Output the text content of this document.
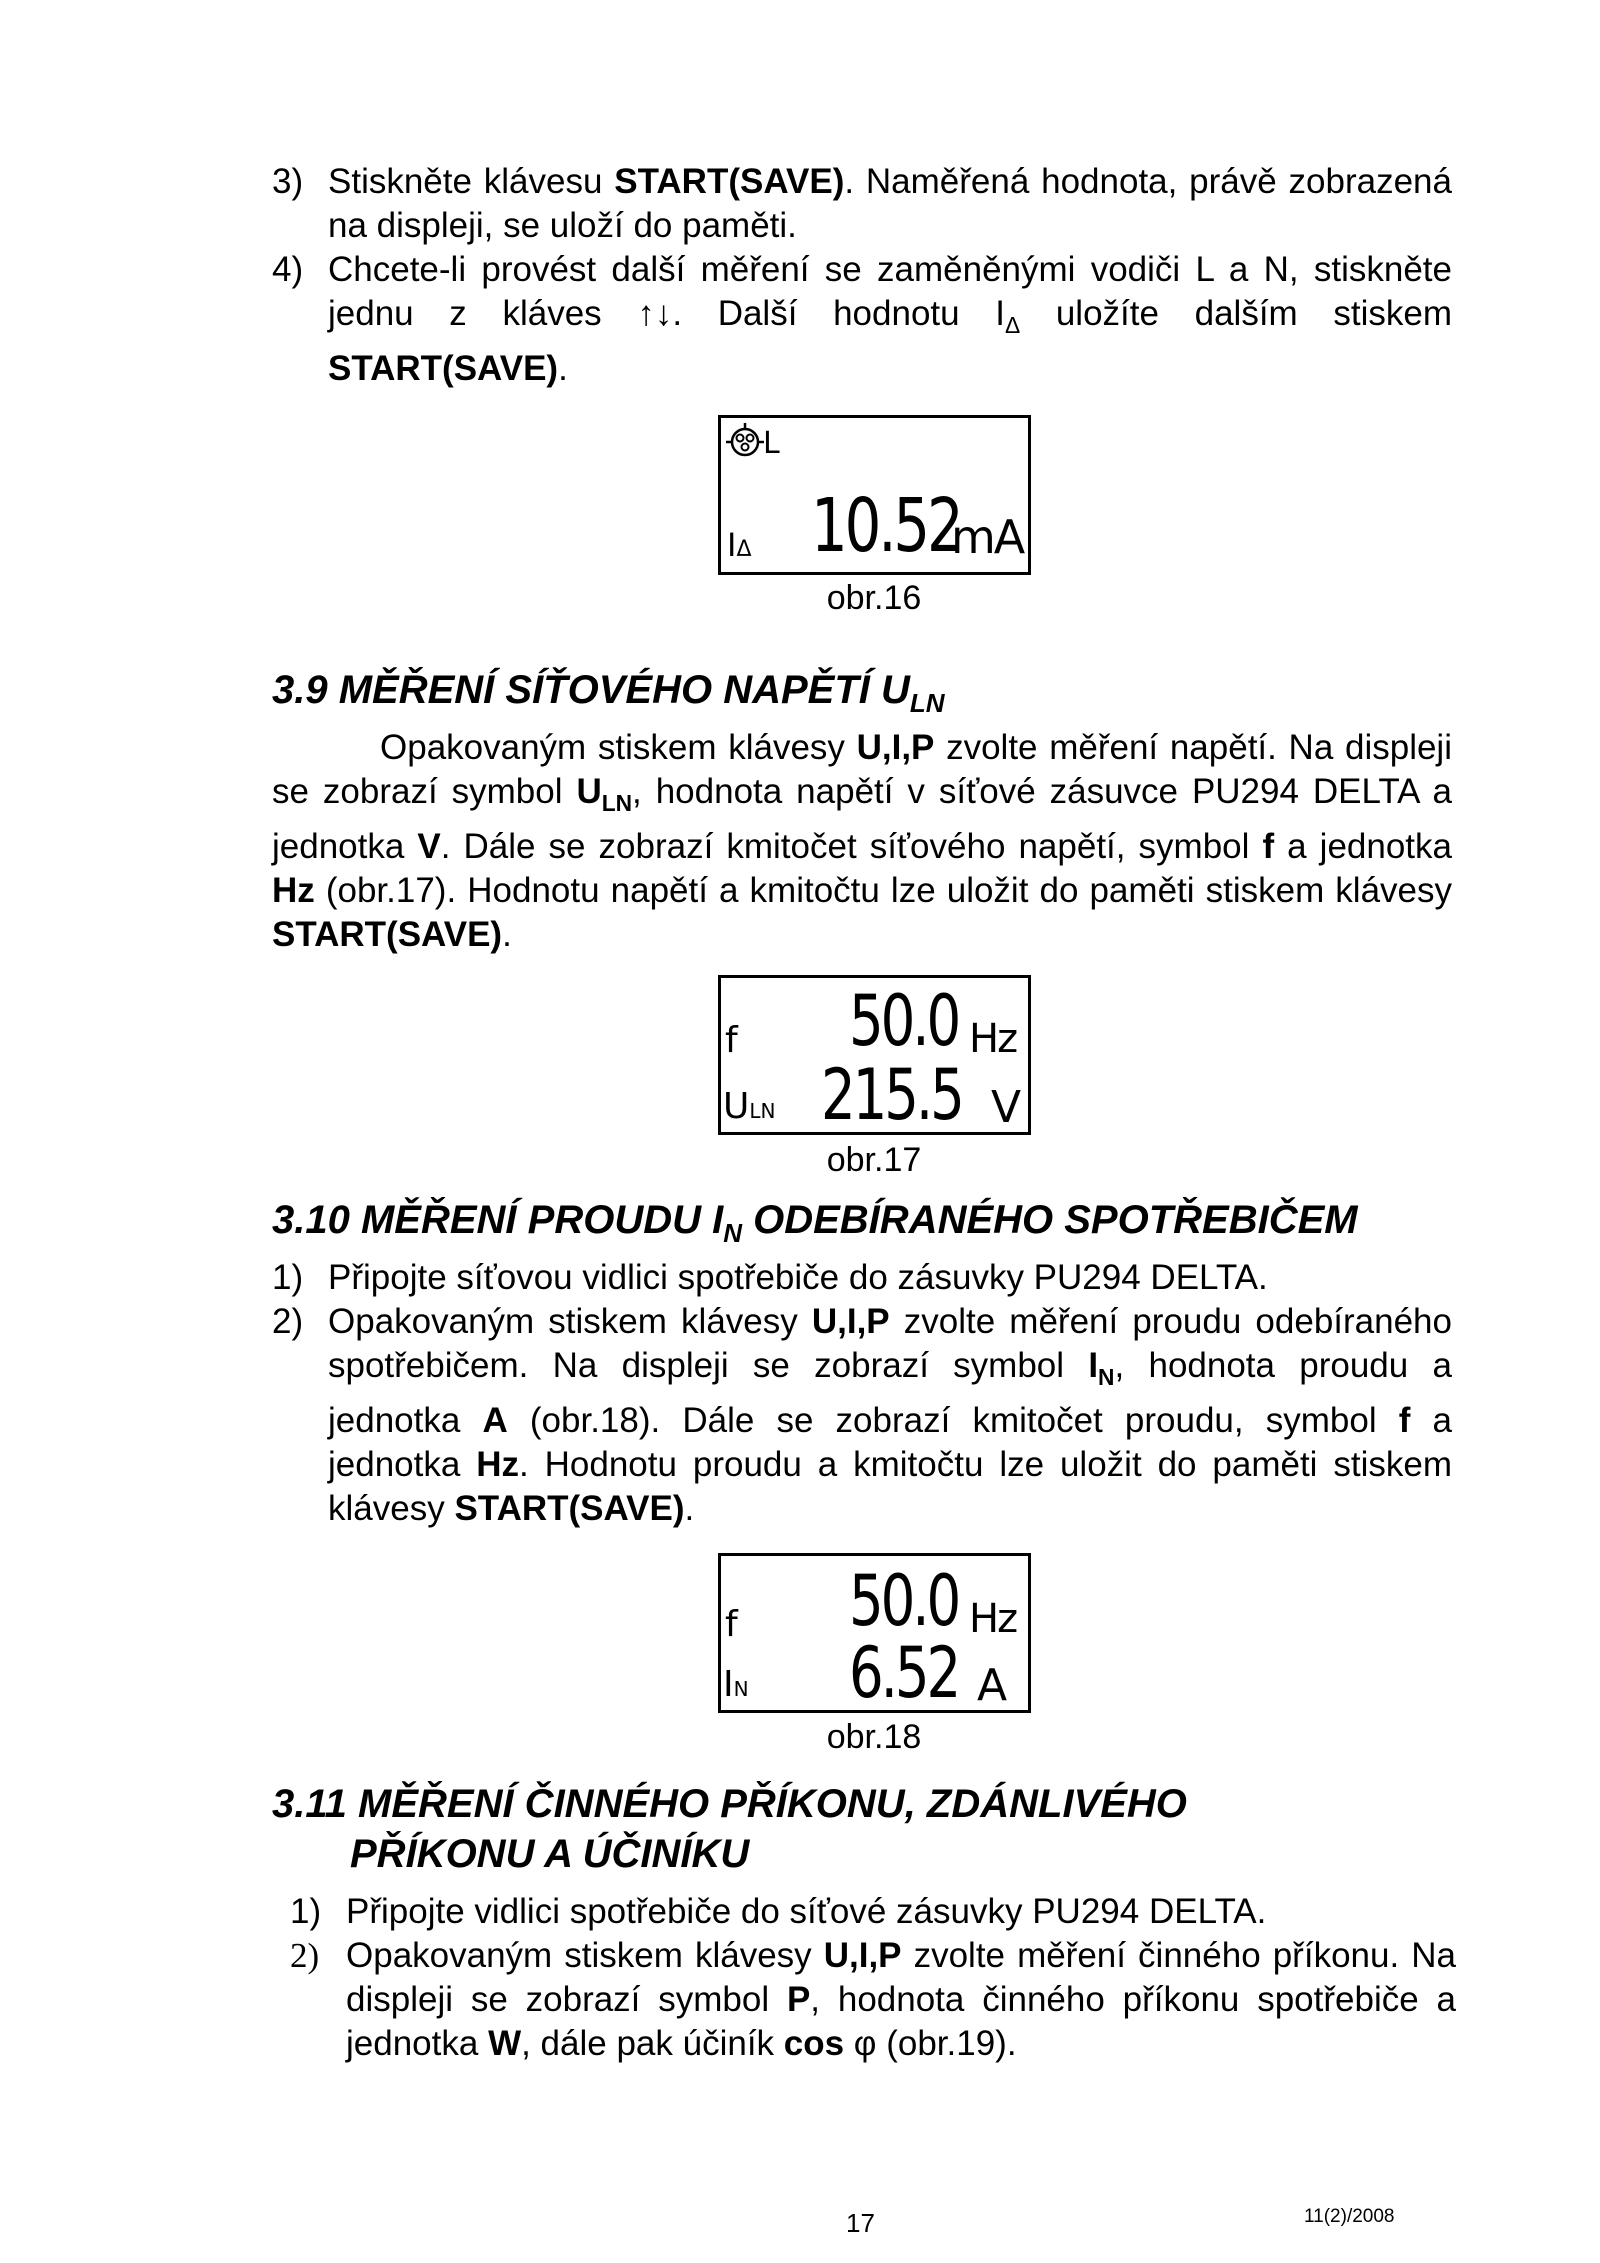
3) Stiskněte klávesu START(SAVE). Naměřená hodnota, právě zobrazená na displeji, se uloží do paměti.
4) Chcete-li provést další měření se zaměněnými vodiči L a N, stiskněte jednu z kláves ↑↓. Další hodnotu $I_\Delta$ uložíte dalším stiskem START(SAVE).
L
IΔ 10.52
mA
obr.16
3.9 MĚŘENÍ SÍŤOVÉHO NAPĚTÍ $U_{LN}$
Opakovaným stiskem klávesy U,I,P zvolte měření napětí. Na displeji se zobrazí symbol $U_{LN}$, hodnota napětí v síťové zásuvce PU294 DELTA a jednotka V. Dále se zobrazí kmitočet síťového napětí, symbol f a jednotka Hz (obr.17). Hodnotu napětí a kmitočtu lze uložit do paměti stiskem klávesy START(SAVE).
f 50.0 Hz
ULN 215.5 V
obr.17
3.10 MĚŘENÍ PROUDU $I_N$ ODEBÍRANÉHO SPOTŘEBIČEM
1) Připojte síťovou vidlici spotřebiče do zásuvky PU294 DELTA.
2) Opakovaným stiskem klávesy U,I,P zvolte měření proudu odebíraného spotřebičem. Na displeji se zobrazí symbol $I_N$, hodnota proudu a jednotka A (obr.18). Dále se zobrazí kmitočet proudu, symbol f a jednotka Hz. Hodnotu proudu a kmitočtu lze uložit do paměti stiskem klávesy START(SAVE).
f 50.0 Hz
IN 6.52 A
obr.18
3.11 MĚŘENÍ ČINNÉHO PŘÍKONU, ZDÁNLIVÉHO
PŘÍKONU A ÚČINÍKU
1) Připojte vidlici spotřebiče do síťové zásuvky PU294 DELTA.
2) Opakovaným stiskem klávesy U,I,P zvolte měření činného příkonu. Na displeji se zobrazí symbol P, hodnota činného příkonu spotřebiče a jednotka W, dále pak účiník cos φ (obr.19).
17	11(2)/2008
